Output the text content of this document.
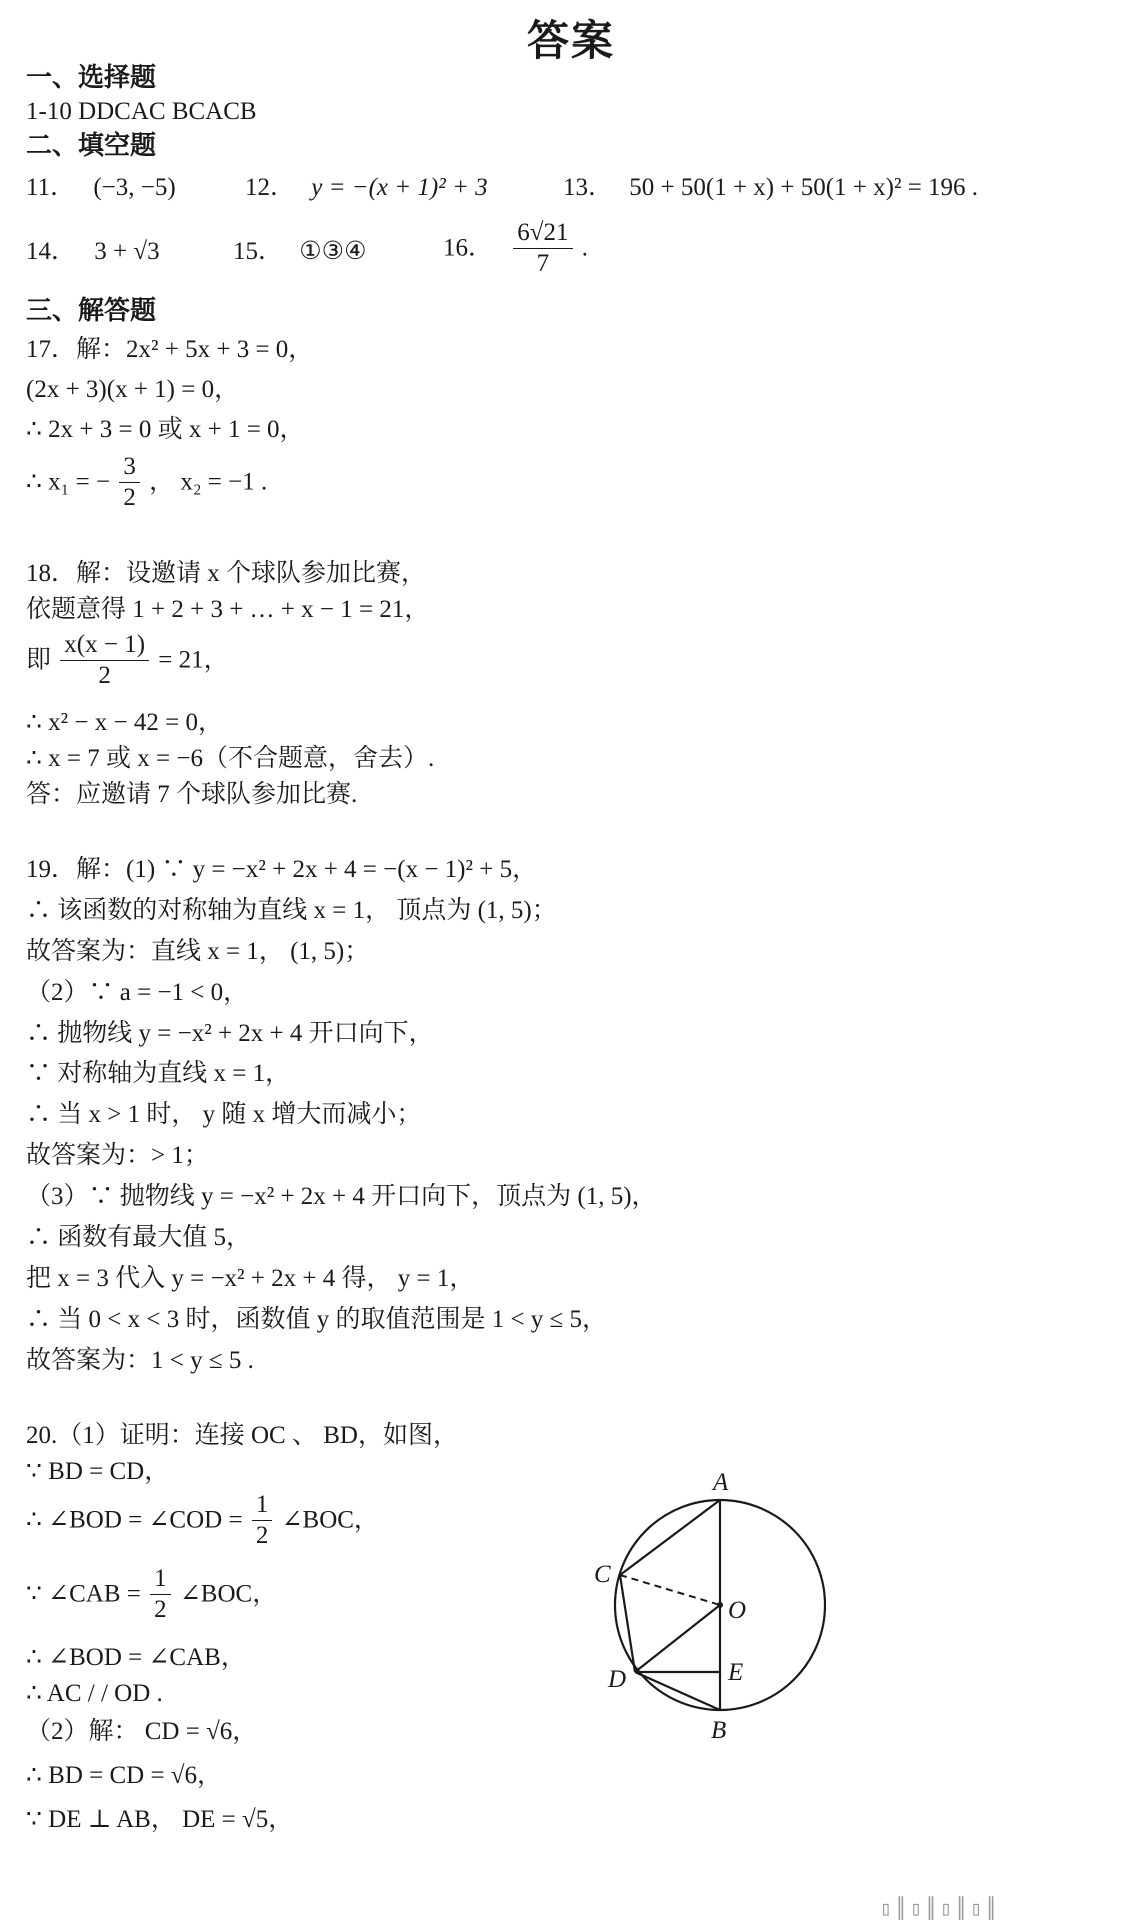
答案
一、选择题
1-10 DDCAC BCACB
二、填空题
11． (−3, −5)	12． y = −(x + 1)² + 3	13． 50 + 50(1 + x) + 50(1 + x)² = 196 .
14． 3 + √3	15． ①③④	16． $\frac{6√21}{7}$ .
三、解答题
17．解：2x² + 5x + 3 = 0，
(2x + 3)(x + 1) = 0，
∴ 2x + 3 = 0 或 x + 1 = 0，
∴ x₁ = − $\frac{3}{2}$ ， x₂ = −1 .
18．解：设邀请 x 个球队参加比赛，
依题意得 1 + 2 + 3 + … + x − 1 = 21，
即 $\frac{x(x - 1)}{2} = 21$，
∴ x² − x − 42 = 0，
∴ x = 7 或 x = −6（不合题意，舍去）.
答：应邀请 7 个球队参加比赛.
19．解：(1) ∵ y = −x² + 2x + 4 = −(x − 1)² + 5，
∴ 该函数的对称轴为直线 x = 1， 顶点为 (1, 5)；
故答案为：直线 x = 1， (1, 5)；
（2）∵ a = −1 < 0，
∴ 抛物线 y = −x² + 2x + 4 开口向下，
∵ 对称轴为直线 x = 1，
∴ 当 x > 1 时， y 随 x 增大而减小；
故答案为：> 1；
（3）∵ 抛物线 y = −x² + 2x + 4 开口向下，顶点为 (1, 5)，
∴ 函数有最大值 5，
把 x = 3 代入 y = −x² + 2x + 4 得， y = 1，
∴ 当 0 < x < 3 时，函数值 y 的取值范围是 1 < y ≤ 5，
故答案为：1 < y ≤ 5 .
20.（1）证明：连接 OC 、 BD，如图，
∵ BD = CD，
∴ ∠BOD = ∠COD = $\frac{1}{2}$ ∠BOC，
∵ ∠CAB = $\frac{1}{2}$ ∠BOC，
∴ ∠BOD = ∠CAB，
∴ AC / / OD .
（2）解： CD = √6，
∴ BD = CD = √6，
∵ DE ⊥ AB， DE = √5，
A
B
C
D	E
O
▯║▯║▯║▯║
